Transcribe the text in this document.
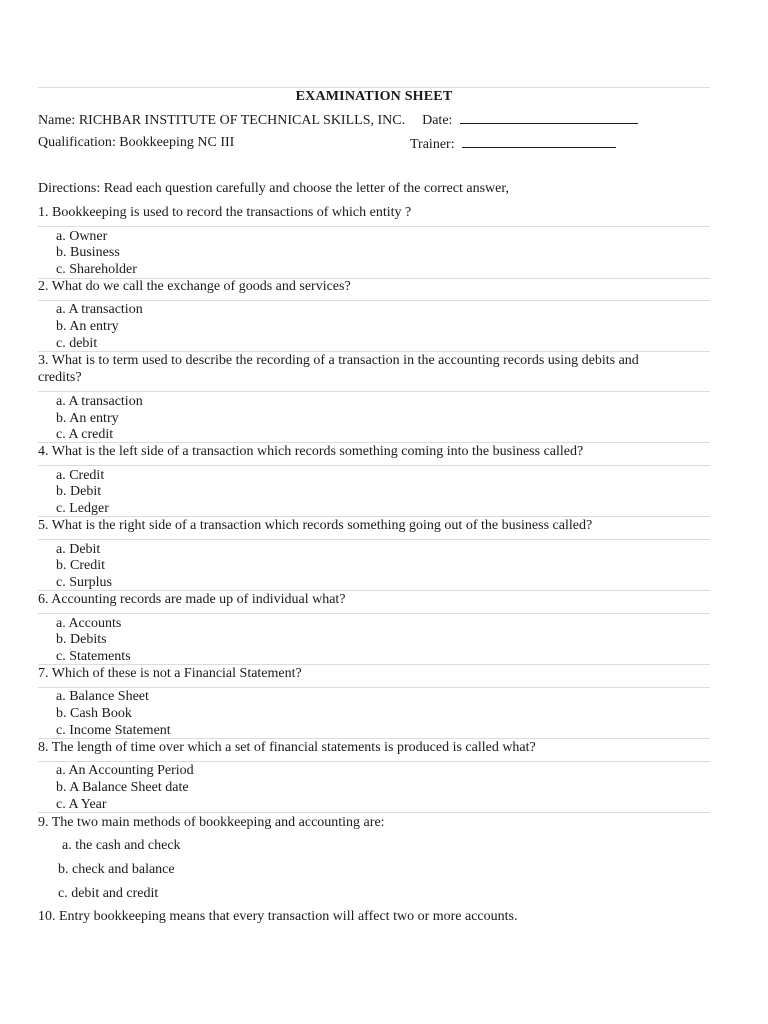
EXAMINATION SHEET
Name: RICHBAR INSTITUTE OF TECHNICAL SKILLS, INC. Date:
Qualification: Bookkeeping NC III	Trainer:
Directions: Read each question carefully and choose the letter of the correct answer,
1. Bookkeeping is used to record the transactions of which entity ?
a. Owner
b. Business
c. Shareholder
2. What do we call the exchange of goods and services?
a. A transaction
b. An entry
c. debit
3. What is to term used to describe the recording of a transaction in the accounting records using debits and
credits?
a. A transaction
b. An entry
c. A credit
4. What is the left side of a transaction which records something coming into the business called?
a. Credit
b. Debit
c. Ledger
5. What is the right side of a transaction which records something going out of the business called?
a. Debit
b. Credit
c. Surplus
6. Accounting records are made up of individual what?
a. Accounts
b. Debits
c. Statements
7. Which of these is not a Financial Statement?
a. Balance Sheet
b. Cash Book
c. Income Statement
8. The length of time over which a set of financial statements is produced is called what?
a. An Accounting Period
b. A Balance Sheet date
c. A Year
9. The two main methods of bookkeeping and accounting are:
a. the cash and check
b. check and balance
c. debit and credit
10. Entry bookkeeping means that every transaction will affect two or more accounts.
